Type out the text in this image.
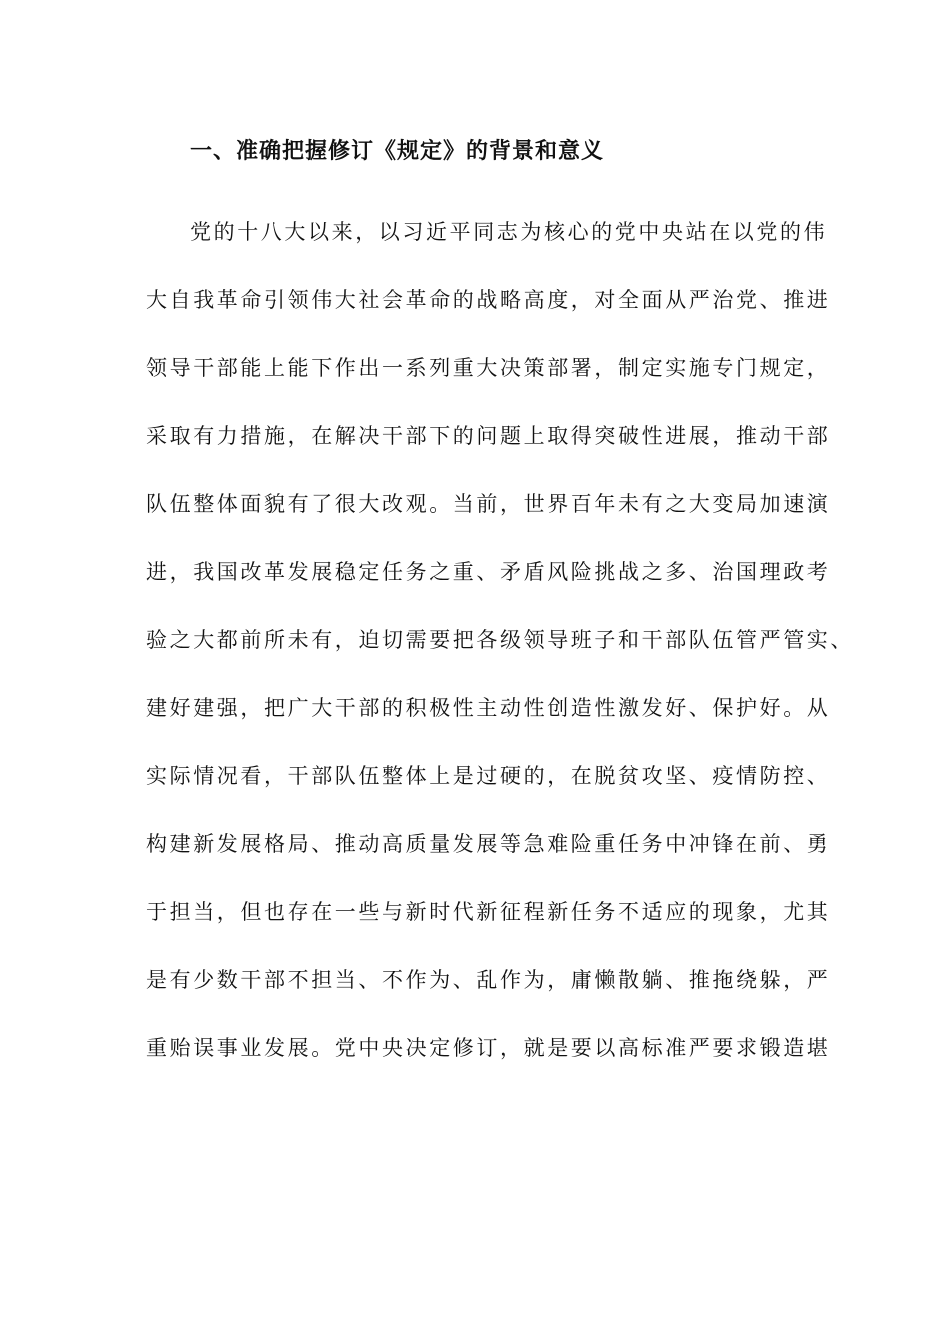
一、准确把握修订《规定》的背景和意义
党的十八大以来，以习近平同志为核心的党中央站在以党的伟
大自我革命引领伟大社会革命的战略高度，对全面从严治党、推进
领导干部能上能下作出一系列重大决策部署，制定实施专门规定，
采取有力措施，在解决干部下的问题上取得突破性进展，推动干部
队伍整体面貌有了很大改观。当前，世界百年未有之大变局加速演
进，我国改革发展稳定任务之重、矛盾风险挑战之多、治国理政考
验之大都前所未有，迫切需要把各级领导班子和干部队伍管严管实、
建好建强，把广大干部的积极性主动性创造性激发好、保护好。从
实际情况看，干部队伍整体上是过硬的，在脱贫攻坚、疫情防控、
构建新发展格局、推动高质量发展等急难险重任务中冲锋在前、勇
于担当，但也存在一些与新时代新征程新任务不适应的现象，尤其
是有少数干部不担当、不作为、乱作为，庸懒散躺、推拖绕躲，严
重贻误事业发展。党中央决定修订，就是要以高标准严要求锻造堪
